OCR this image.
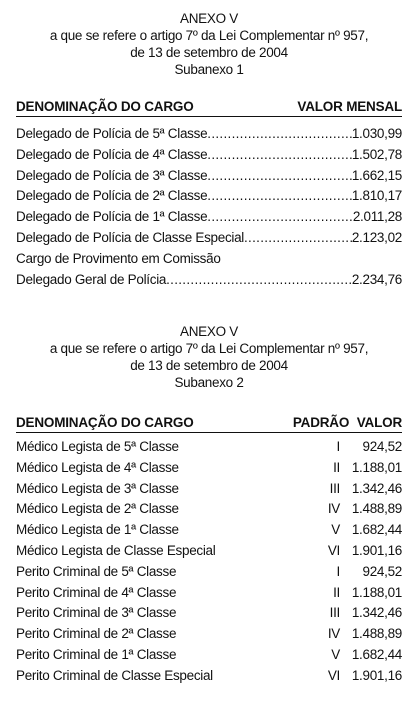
ANEXO V
a que se refere o artigo 7º da Lei Complementar nº 957,
de 13 de setembro de 2004
Subanexo 1
DENOMINAÇÃO DO CARGO	VALOR MENSAL
Delegado de Polícia de 5ª Classe .....	1.030,99
Delegado de Polícia de 4ª Classe .....	1.502,78
Delegado de Polícia de 3ª Classe .....	1.662,15
Delegado de Polícia de 2ª Classe .....	1.810,17
Delegado de Polícia de 1ª Classe .....	2.011,28
Delegado de Polícia de Classe Especial .....	2.123,02
Cargo de Provimento em Comissão
Delegado Geral de Polícia .....	2.234,76
ANEXO V
a que se refere o artigo 7º da Lei Complementar nº 957,
de 13 de setembro de 2004
Subanexo 2
DENOMINAÇÃO DO CARGO	PADRÃO VALOR
Médico Legista de 5ª Classe	I	924,52
Médico Legista de 4ª Classe	II 1.188,01
Médico Legista de 3ª Classe	III 1.342,46
Médico Legista de 2ª Classe	IV 1.488,89
Médico Legista de 1ª Classe	V 1.682,44
Médico Legista de Classe Especial	VI 1.901,16
Perito Criminal de 5ª Classe	I	924,52
Perito Criminal de 4ª Classe	II 1.188,01
Perito Criminal de 3ª Classe	III 1.342,46
Perito Criminal de 2ª Classe	IV 1.488,89
Perito Criminal de 1ª Classe	V 1.682,44
Perito Criminal de Classe Especial	VI 1.901,16
